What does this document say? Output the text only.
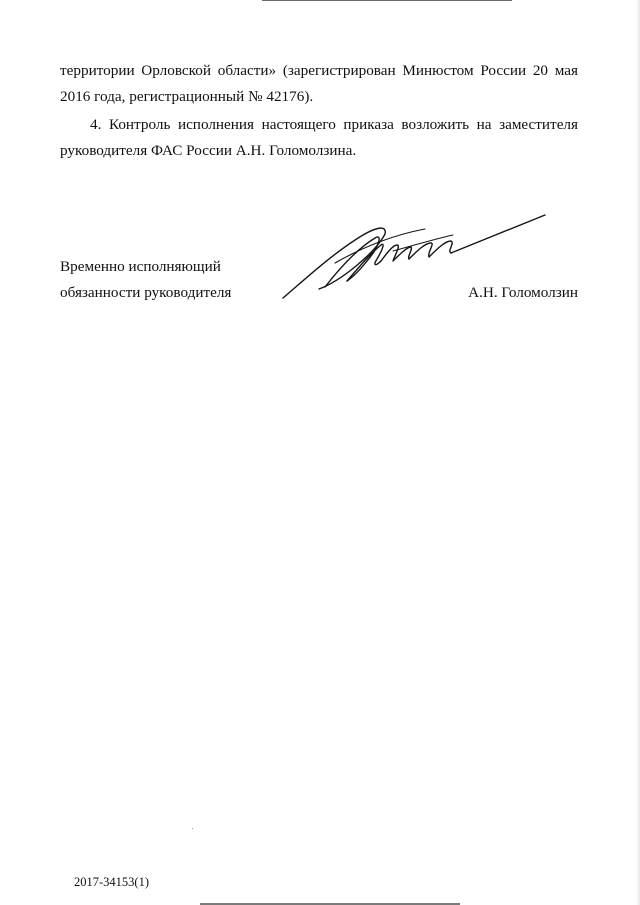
территории Орловской области» (зарегистрирован Минюстом России 20 мая
2016 года, регистрационный № 42176).

4. Контроль исполнения настоящего приказа возложить на заместителя
руководителя ФАС России А.Н. Голомолзина.

Временно исполняющий
обязанности руководителя	А.Н. Голомолзин
2017-34153(1)
